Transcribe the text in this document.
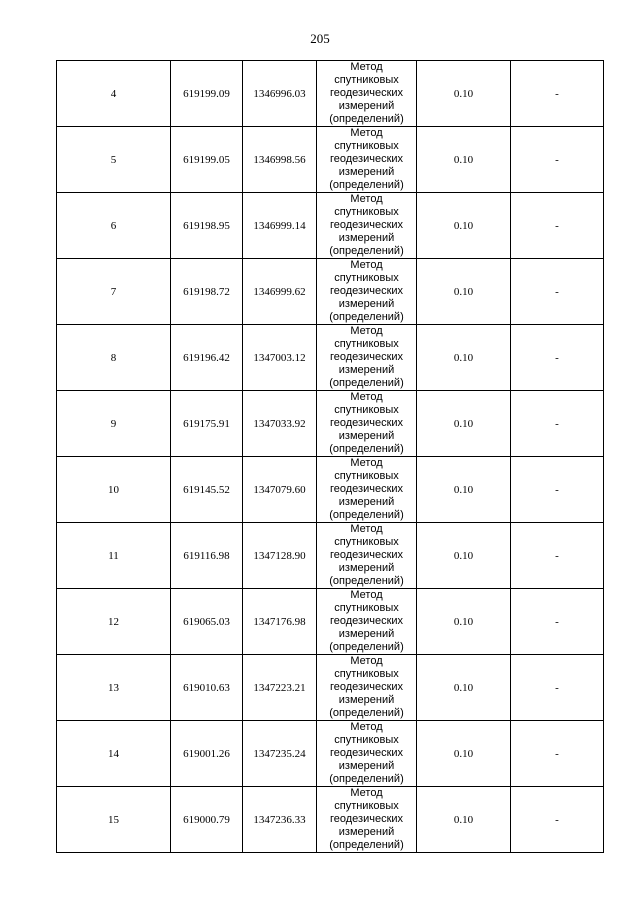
205
4	619199.09	1346996.03	Метод
спутниковых
геодезических
измерений
(определений)	0.10	-
5	619199.05	1346998.56	Метод
спутниковых
геодезических
измерений
(определений)	0.10	-
6	619198.95	1346999.14	Метод
спутниковых
геодезических
измерений
(определений)	0.10	-
7	619198.72	1346999.62	Метод
спутниковых
геодезических
измерений
(определений)	0.10	-
8	619196.42	1347003.12	Метод
спутниковых
геодезических
измерений
(определений)	0.10	-
9	619175.91	1347033.92	Метод
спутниковых
геодезических
измерений
(определений)	0.10	-
10	619145.52	1347079.60	Метод
спутниковых
геодезических
измерений
(определений)	0.10	-
11	619116.98	1347128.90	Метод
спутниковых
геодезических
измерений
(определений)	0.10	-
12	619065.03	1347176.98	Метод
спутниковых
геодезических
измерений
(определений)	0.10	-
13	619010.63	1347223.21	Метод
спутниковых
геодезических
измерений
(определений)	0.10	-
14	619001.26	1347235.24	Метод
спутниковых
геодезических
измерений
(определений)	0.10	-
15	619000.79	1347236.33	Метод
спутниковых
геодезических
измерений
(определений)	0.10	-
